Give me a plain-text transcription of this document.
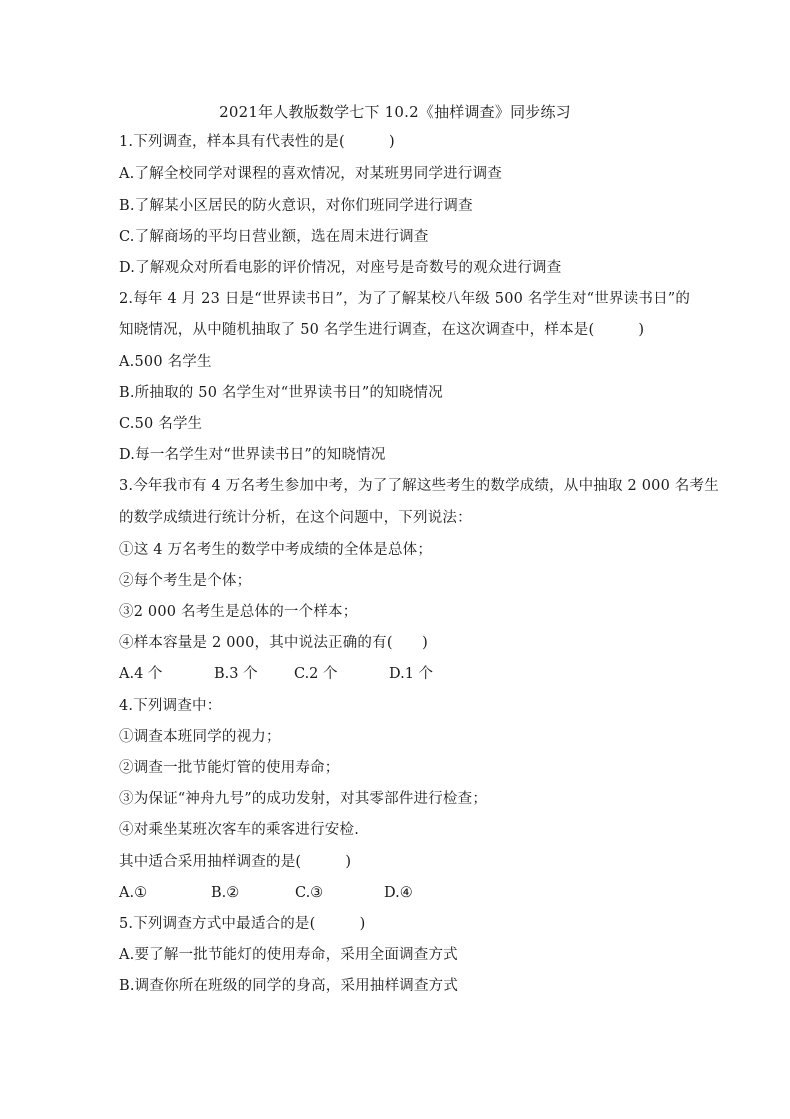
2021年人教版数学七下 10.2《抽样调查》同步练习
1.下列调查，样本具有代表性的是(　　　)
A.了解全校同学对课程的喜欢情况，对某班男同学进行调查
B.了解某小区居民的防火意识，对你们班同学进行调查
C.了解商场的平均日营业额，选在周末进行调查
D.了解观众对所看电影的评价情况，对座号是奇数号的观众进行调查
2.每年 4 月 23 日是“世界读书日”，为了了解某校八年级 500 名学生对“世界读书日”的
知晓情况，从中随机抽取了 50 名学生进行调查，在这次调查中，样本是(　　　)
A.500 名学生
B.所抽取的 50 名学生对“世界读书日”的知晓情况
C.50 名学生
D.每一名学生对“世界读书日”的知晓情况
3.今年我市有 4 万名考生参加中考，为了了解这些考生的数学成绩，从中抽取 2 000 名考生
的数学成绩进行统计分析，在这个问题中，下列说法：
①这 4 万名考生的数学中考成绩的全体是总体；
②每个考生是个体；
③2 000 名考生是总体的一个样本；
④样本容量是 2 000，其中说法正确的有(　　)
A.4 个	B.3 个	C.2 个	D.1 个
4.下列调查中：
①调查本班同学的视力；
②调查一批节能灯管的使用寿命；
③为保证“神舟九号”的成功发射，对其零部件进行检查；
④对乘坐某班次客车的乘客进行安检.
其中适合采用抽样调查的是(　　　)
A.①	B.②	C.③	D.④
5.下列调查方式中最适合的是(　　　)
A.要了解一批节能灯的使用寿命，采用全面调查方式
B.调查你所在班级的同学的身高，采用抽样调查方式
